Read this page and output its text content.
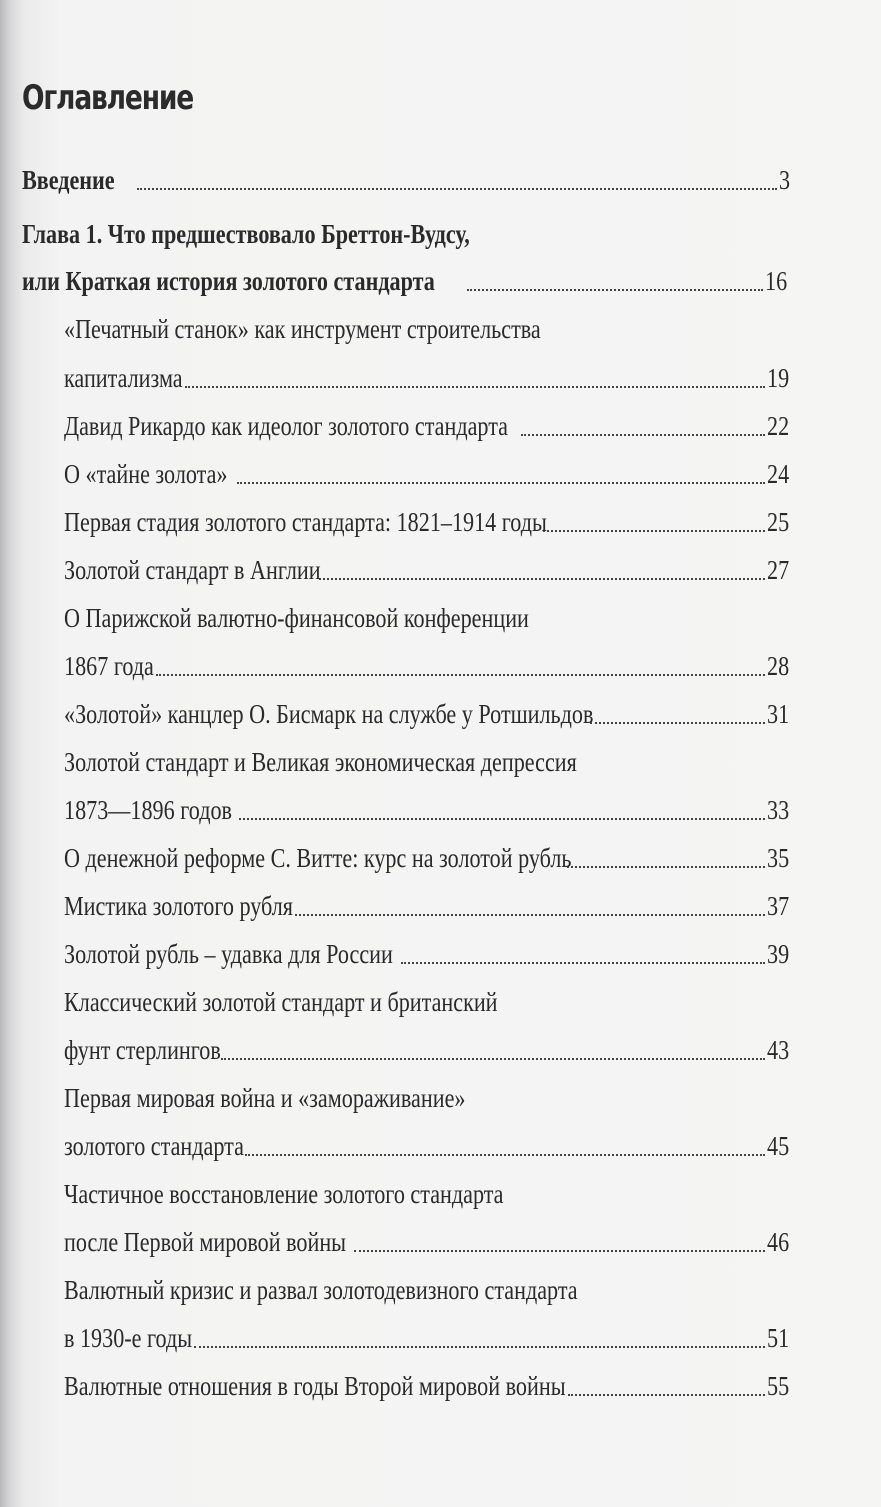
Оглавление
Введение	3
Глава 1. Что предшествовало Бреттон-Вудсу,
или Краткая история золотого стандарта	16
«Печатный станок» как инструмент строительства
капитализма	19
Давид Рикардо как идеолог золотого стандарта	22
О «тайне золота»	24
Первая стадия золотого стандарта: 1821–1914 годы	25
Золотой стандарт в Англии	27
О Парижской валютно-финансовой конференции
1867 года	28
«Золотой» канцлер О. Бисмарк на службе у Ротшильдов	31
Золотой стандарт и Великая экономическая депрессия
1873—1896 годов	33
О денежной реформе С. Витте: курс на золотой рубль	35
Мистика золотого рубля	37
Золотой рубль – удавка для России	39
Классический золотой стандарт и британский
фунт стерлингов	43
Первая мировая война и «замораживание»
золотого стандарта	45
Частичное восстановление золотого стандарта
после Первой мировой войны	46
Валютный кризис и развал золотодевизного стандарта
в 1930-е годы	51
Валютные отношения в годы Второй мировой войны	55
